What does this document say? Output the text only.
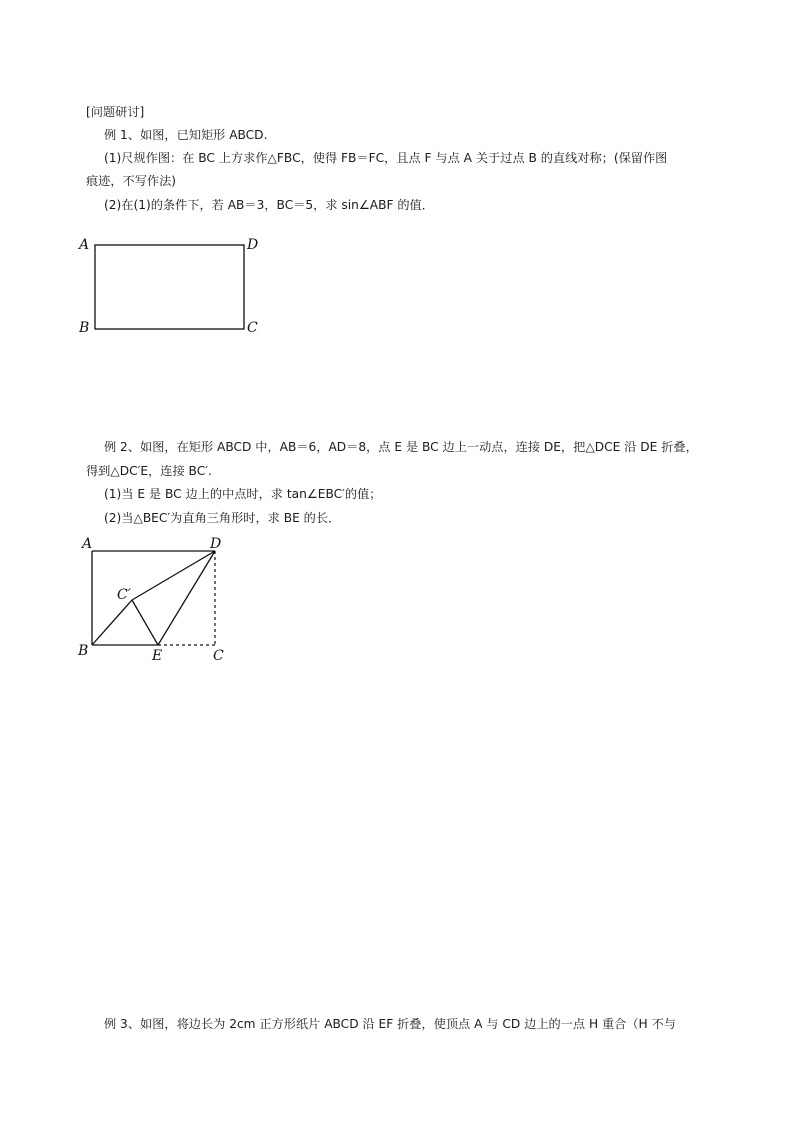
[问题研讨]
例 1、如图，已知矩形 ABCD.
(1)尺规作图：在 BC 上方求作△FBC，使得 FB＝FC，且点 F 与点 A 关于过点 B 的直线对称；(保留作图
痕迹，不写作法)
(2)在(1)的条件下，若 AB＝3，BC＝5，求 sin∠ABF 的值．
A	D
B	C
例 2、如图，在矩形 ABCD 中，AB＝6，AD＝8，点 E 是 BC 边上一动点，连接 DE，把△DCE 沿 DE 折叠，
得到△DC′E，连接 BC′.
(1)当 E 是 BC 边上的中点时，求 tan∠EBC′的值；
(2)当△BEC′为直角三角形时，求 BE 的长．
A	D
C′
B	E	C
例 3、如图，将边长为 2cm 正方形纸片 ABCD 沿 EF 折叠，使顶点 A 与 CD 边上的一点 H 重合（H 不与
